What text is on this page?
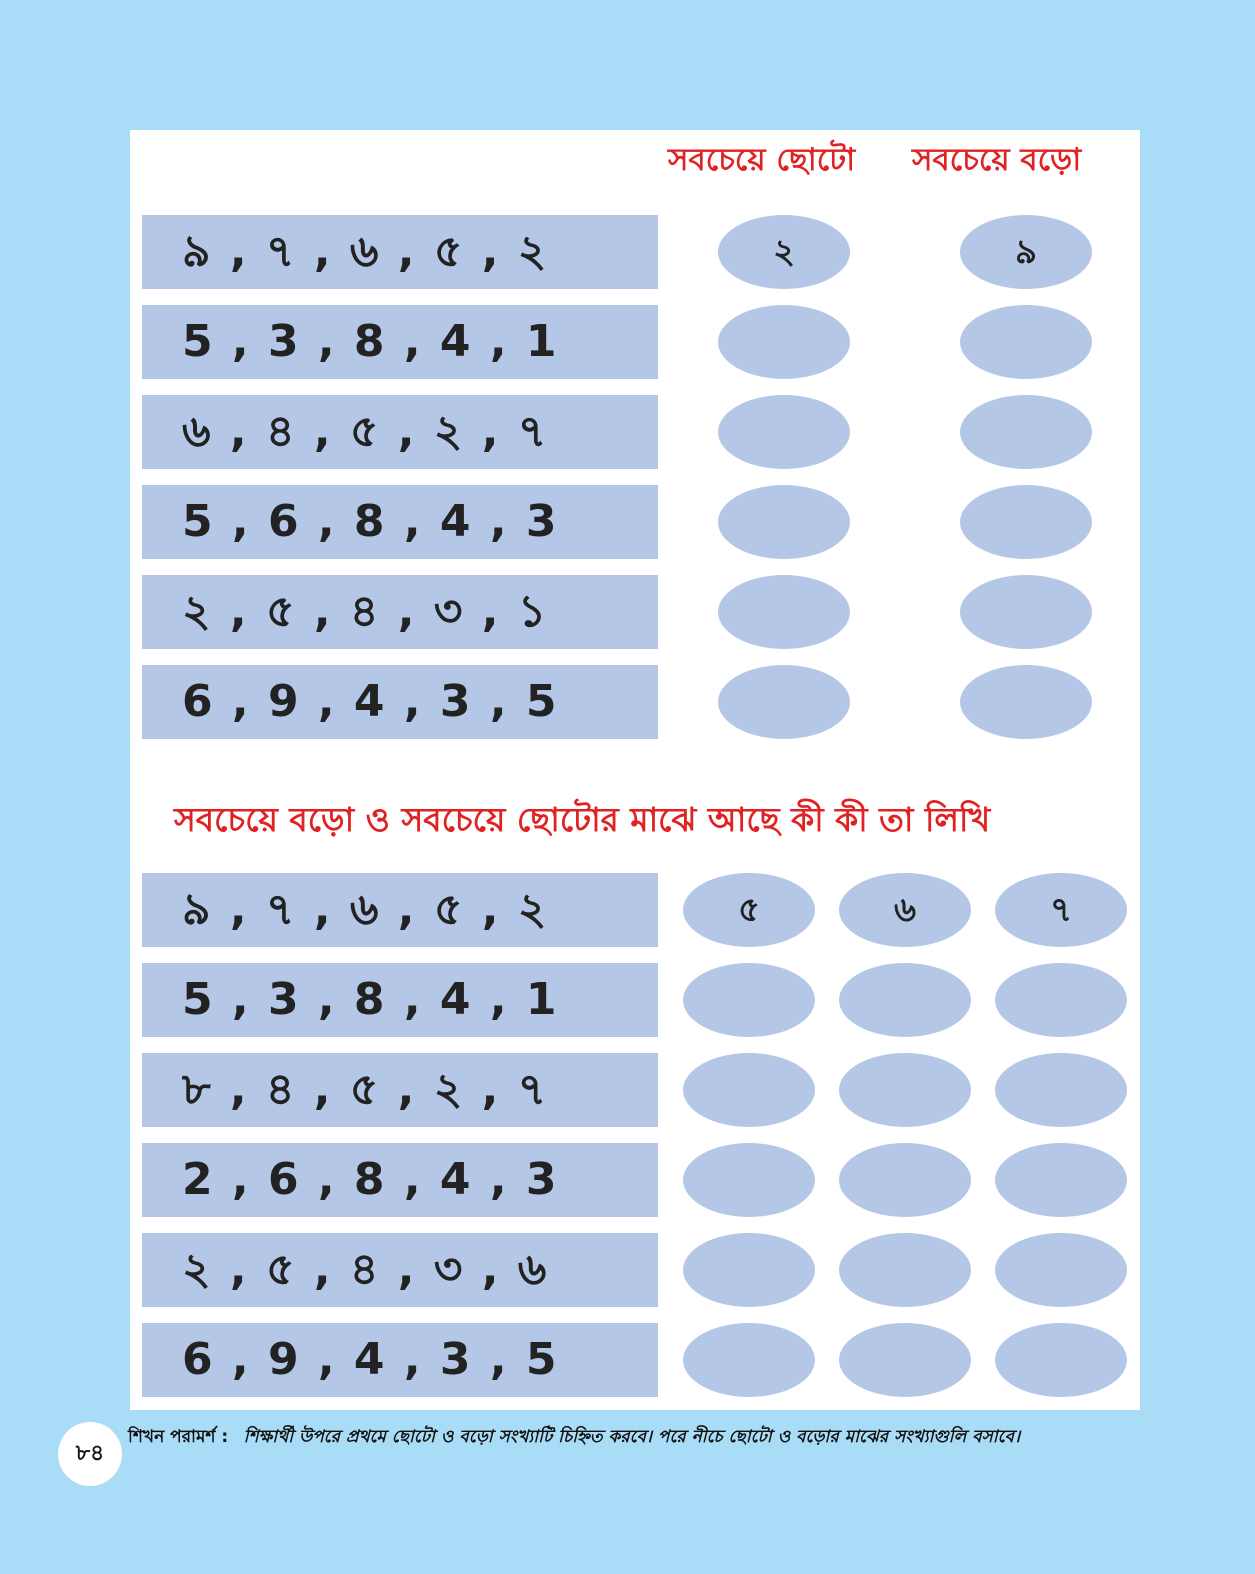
সবচেয়ে ছোটো সবচেয়ে বড়ো
৯ , ৭ , ৬ , ৫ , ২	২	৯
5 , 3 , 8 , 4 , 1
৬ , ৪ , ৫ , ২ , ৭
5 , 6 , 8 , 4 , 3
২ , ৫ , ৪ , ৩ , ১
6 , 9 , 4 , 3 , 5
সবচেয়ে বড়ো ও সবচেয়ে ছোটোর মাঝে আছে কী কী তা লিখি
৯ , ৭ , ৬ , ৫ , ২	৫	৬	৭
5 , 3 , 8 , 4 , 1
৮ , ৪ , ৫ , ২ , ৭
2 , 6 , 8 , 4 , 3
২ , ৫ , ৪ , ৩ , ৬
6 , 9 , 4 , 3 , 5
৮৪
শিখন পরামর্শ : শিক্ষার্থী উপরে প্রথমে ছোটো ও বড়ো সংখ্যাটি চিহ্নিত করবে। পরে নীচে ছোটো ও বড়োর মাঝের সংখ্যাগুলি বসাবে।
